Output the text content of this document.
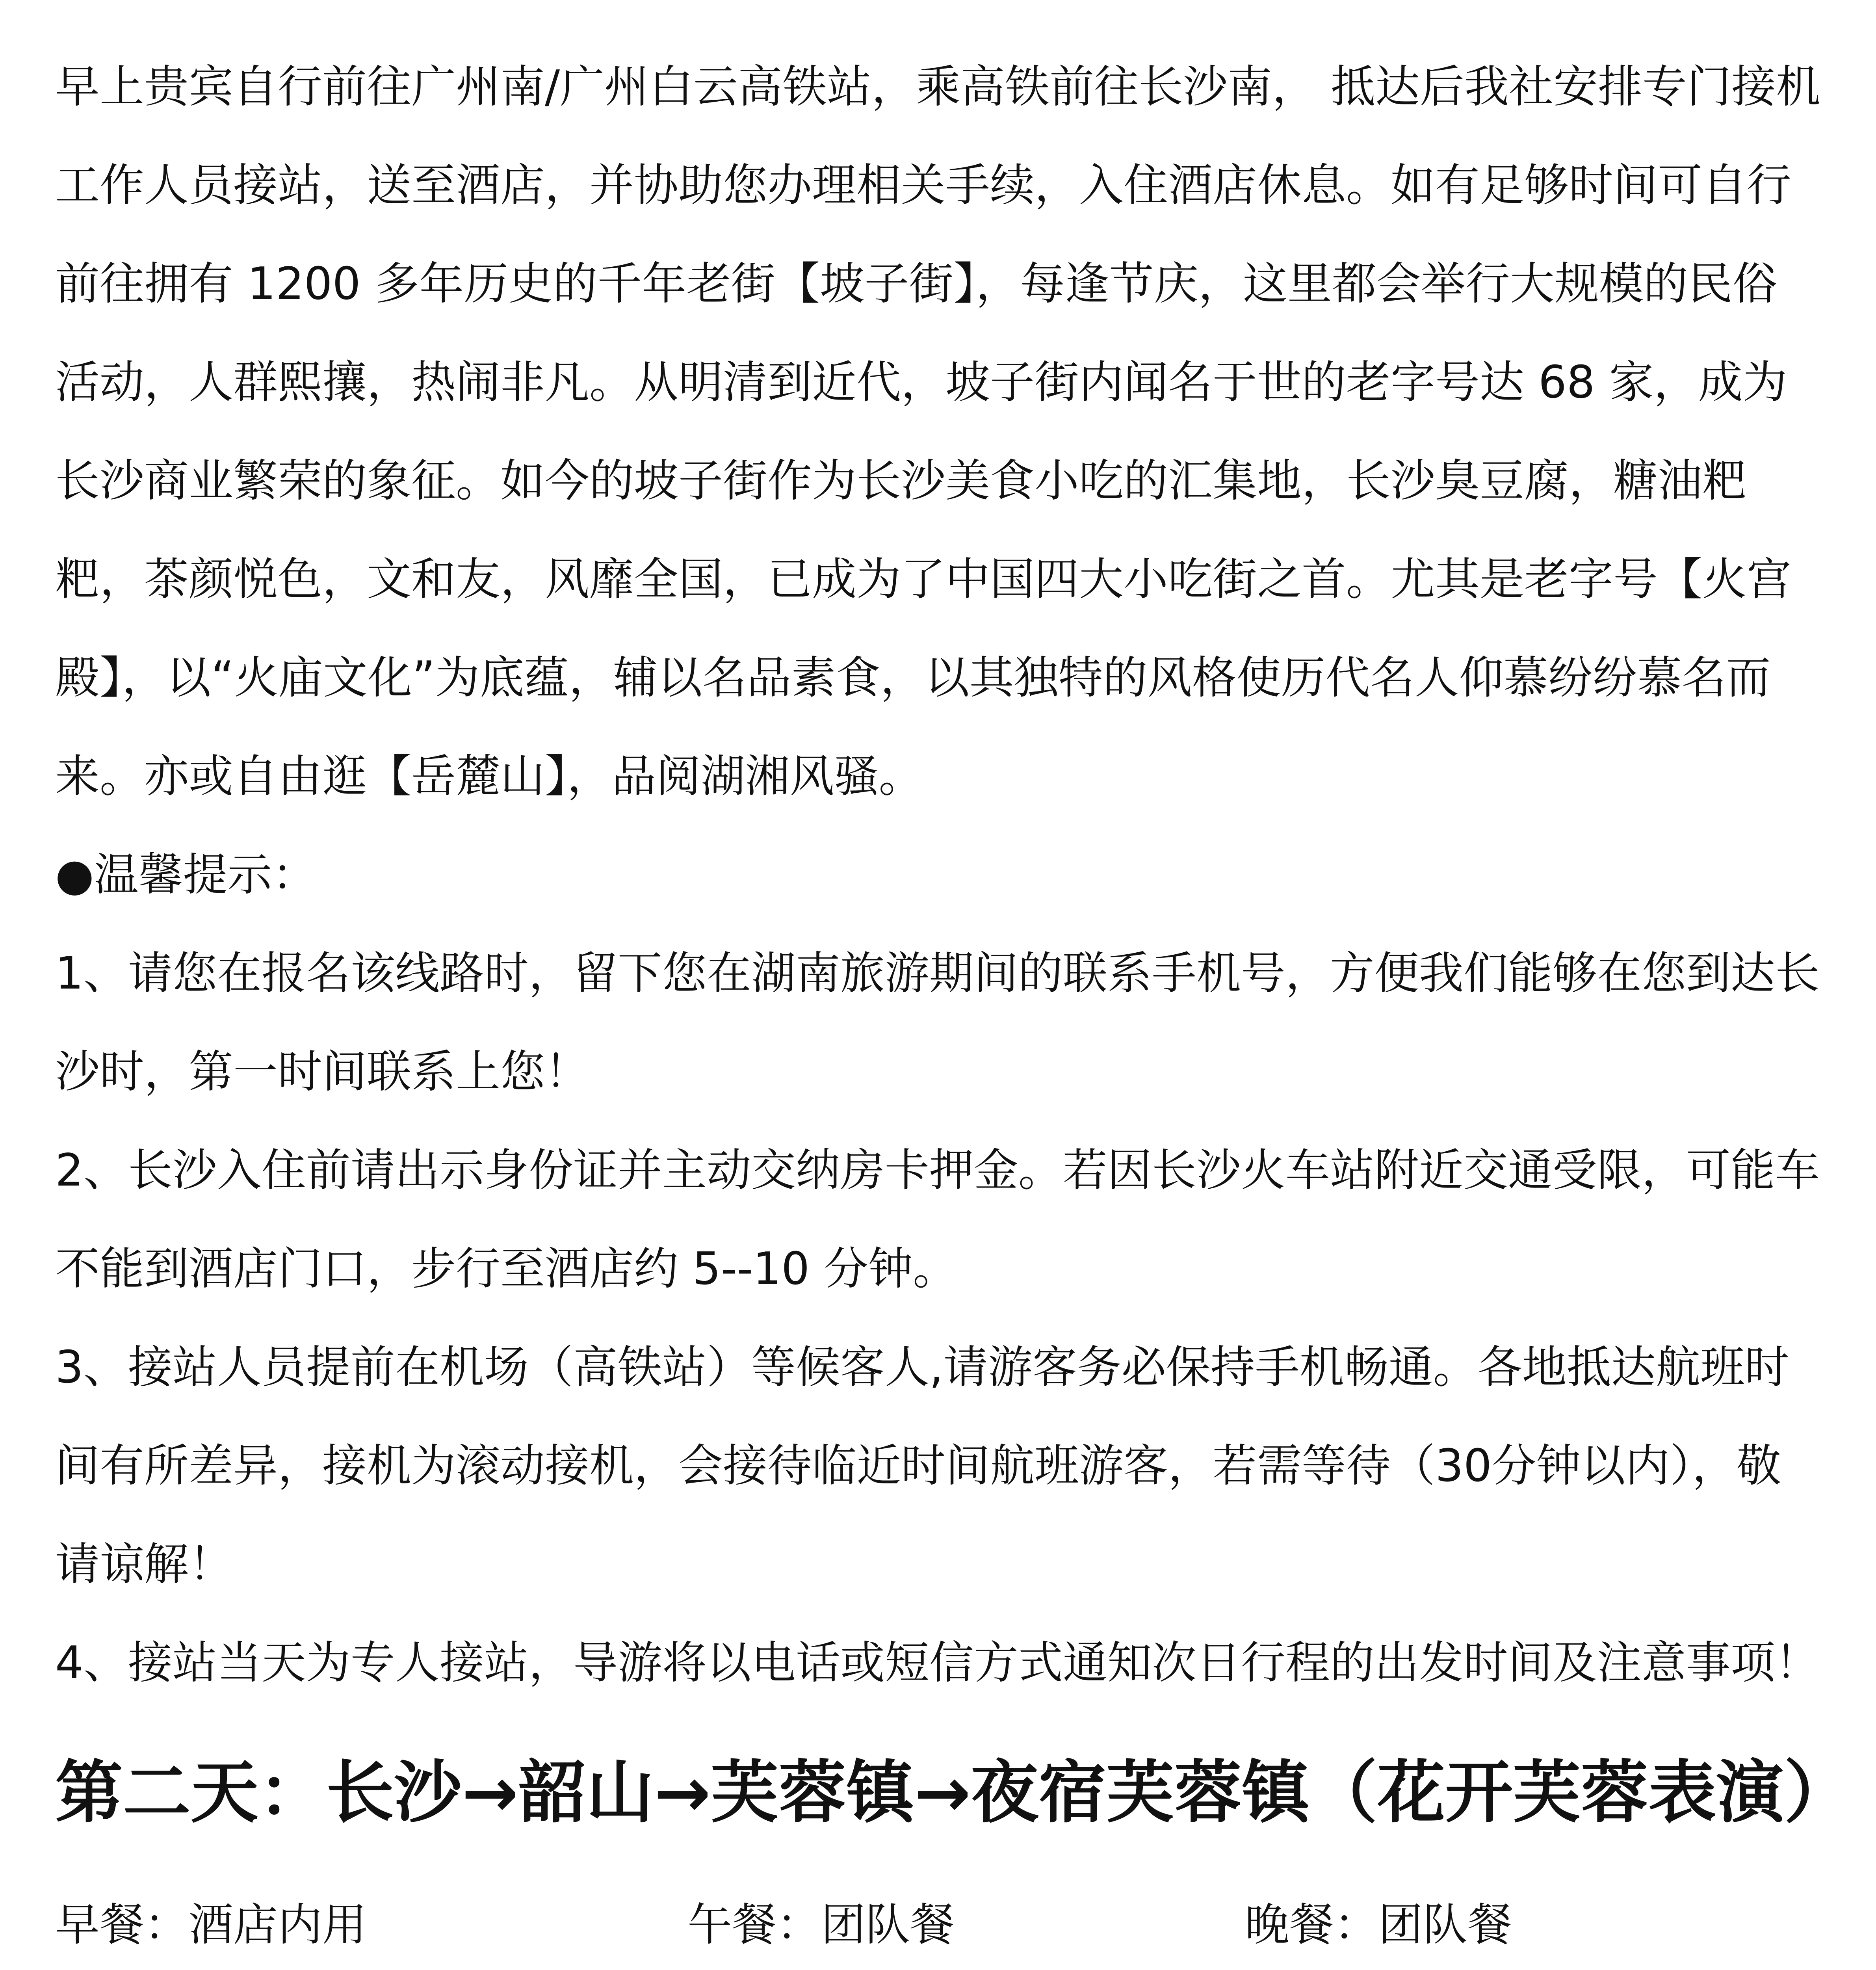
早上贵宾自行前往广州南/广州白云高铁站，乘高铁前往长沙南， 抵达后我社安排专门接机工作人员接站，送至酒店，并协助您办理相关手续，入住酒店休息。如有足够时间可自行前往拥有 1200 多年历史的千年老街【坡子街】，每逢节庆，这里都会举行大规模的民俗活动，人群熙攘，热闹非凡。从明清到近代，坡子街内闻名于世的老字号达 68 家，成为长沙商业繁荣的象征。如今的坡子街作为长沙美食小吃的汇集地，长沙臭豆腐，糖油粑粑，茶颜悦色，文和友，风靡全国，已成为了中国四大小吃街之首。尤其是老字号【火宫殿】，以“火庙文化”为底蕴，辅以名品素食，以其独特的风格使历代名人仰慕纷纷慕名而来。亦或自由逛【岳麓山】，品阅湖湘风骚。

●温馨提示：

1、请您在报名该线路时，留下您在湖南旅游期间的联系手机号，方便我们能够在您到达长沙时，第一时间联系上您！

2、长沙入住前请出示身份证并主动交纳房卡押金。若因长沙火车站附近交通受限，可能车不能到酒店门口，步行至酒店约 5--10 分钟。

3、接站人员提前在机场（高铁站）等候客人,请游客务必保持手机畅通。各地抵达航班时间有所差异，接机为滚动接机，会接待临近时间航班游客，若需等待（30分钟以内），敬请谅解！

4、接站当天为专人接站，导游将以电话或短信方式通知次日行程的出发时间及注意事项！

第二天：长沙→韶山→芙蓉镇→夜宿芙蓉镇（花开芙蓉表演）
早餐：酒店内用	午餐：团队餐	晚餐：团队餐
